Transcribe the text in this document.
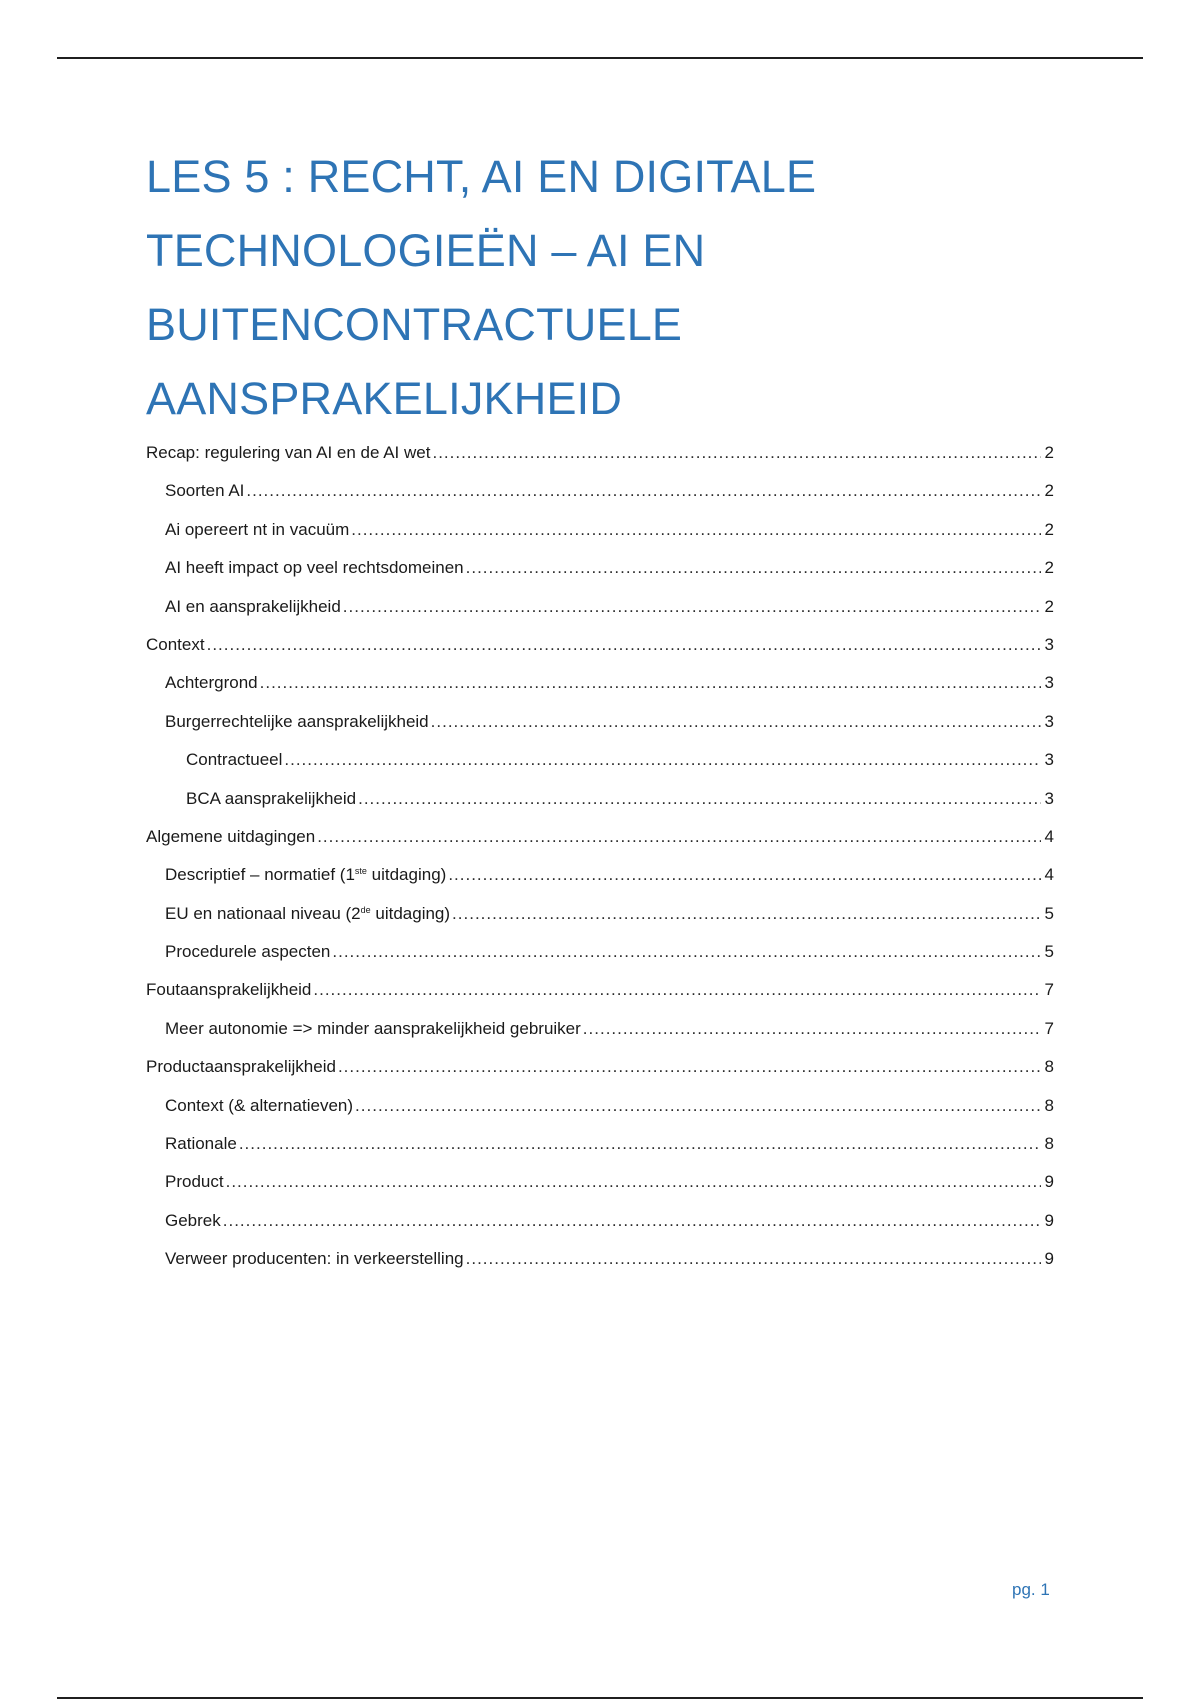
LES 5 : RECHT, AI EN DIGITALE
TECHNOLOGIEËN – AI EN
BUITENCONTRACTUELE
AANSPRAKELIJKHEID
Recap: regulering van AI en de AI wet .....	2
Soorten AI .....	2
Ai opereert nt in vacuüm .....	2
AI heeft impact op veel rechtsdomeinen .....	2
AI en aansprakelijkheid .....	2
Context .....	3
Achtergrond .....	3
Burgerrechtelijke aansprakelijkheid .....	3
Contractueel .....	3
BCA aansprakelijkheid .....	3
Algemene uitdagingen .....	4
Descriptief – normatief (1ste uitdaging) .....	4
EU en nationaal niveau (2de uitdaging) .....	5
Procedurele aspecten .....	5
Foutaansprakelijkheid .....	7
Meer autonomie => minder aansprakelijkheid gebruiker .....	7
Productaansprakelijkheid .....	8
Context (& alternatieven) .....	8
Rationale .....	8
Product .....	9
Gebrek .....	9
Verweer producenten: in verkeerstelling .....	9
pg. 1
